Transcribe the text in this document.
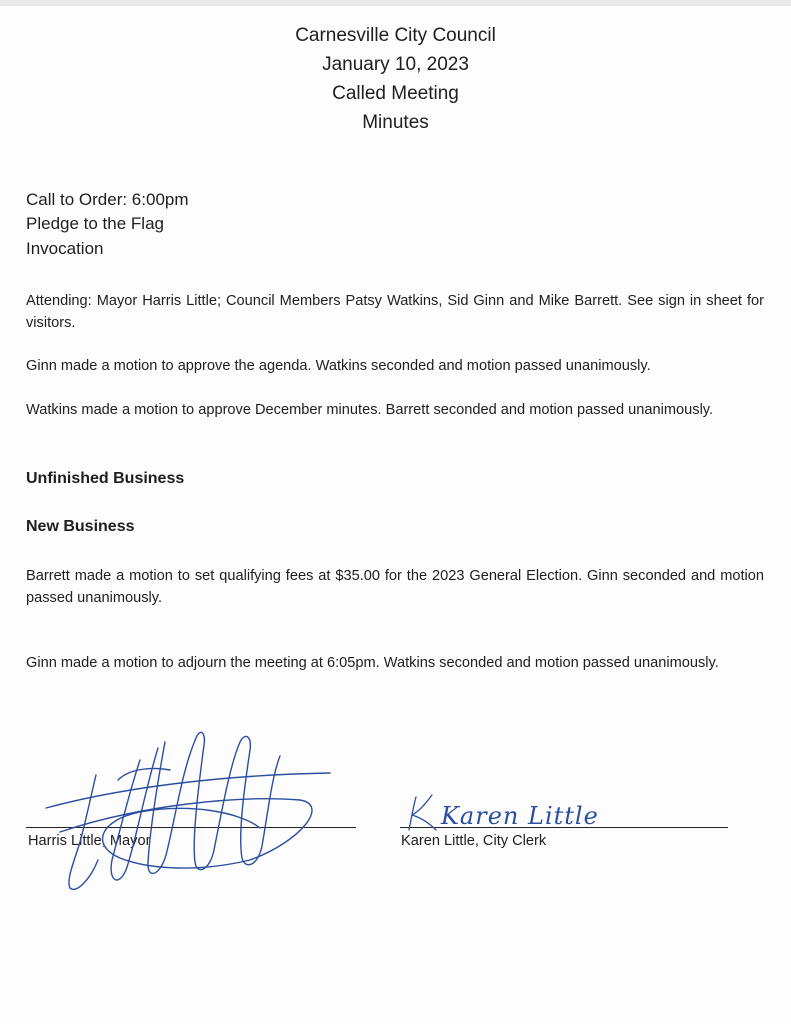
Carnesville City Council
January 10, 2023
Called Meeting
Minutes
Call to Order: 6:00pm
Pledge to the Flag
Invocation
Attending: Mayor Harris Little; Council Members Patsy Watkins, Sid Ginn and Mike Barrett. See sign in sheet for visitors.
Ginn made a motion to approve the agenda. Watkins seconded and motion passed unanimously.
Watkins made a motion to approve December minutes. Barrett seconded and motion passed unanimously.
Unfinished Business
New Business
Barrett made a motion to set qualifying fees at $35.00 for the 2023 General Election. Ginn seconded and motion passed unanimously.
Ginn made a motion to adjourn the meeting at 6:05pm. Watkins seconded and motion passed unanimously.
Harris Little, Mayor	Karen Little, City Clerk
Karen Little
